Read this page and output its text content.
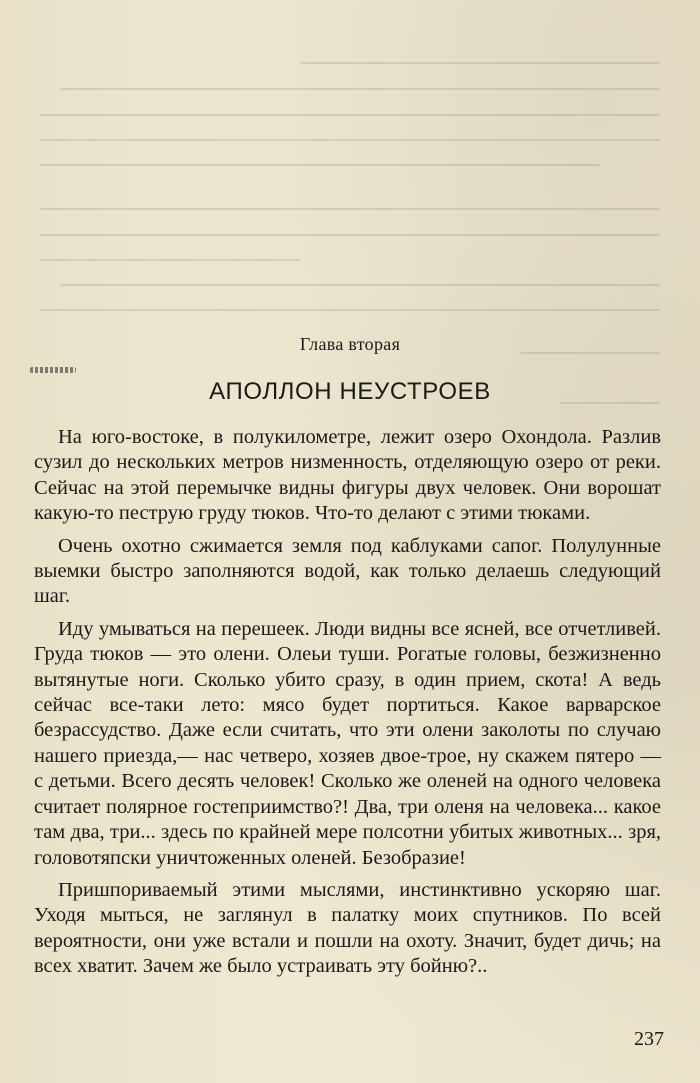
Глава вторая
АПОЛЛОН НЕУСТРОЕВ

На юго-востоке, в полукилометре, лежит озеро Охондола. Разлив сузил до нескольких метров низменность, отделяющую озеро от реки. Сейчас на этой перемычке видны фигуры двух человек. Они ворошат какую-то пеструю груду тюков. Что-то делают с этими тюками.

Очень охотно сжимается земля под каблуками сапог. Полулунные выемки быстро заполняются водой, как только делаешь следующий шаг.

Иду умываться на перешеек. Люди видны все ясней, все отчетливей. Груда тюков — это олени. Олеьи туши. Рогатые головы, безжизненно вытянутые ноги. Сколько убито сразу, в один прием, скота! А ведь сейчас все-таки лето: мясо будет портиться. Какое варварское безрассудство. Даже если считать, что эти олени заколоты по случаю нашего приезда,— нас четверо, хозяев двое-трое, ну скажем пятеро — с детьми. Всего десять человек! Сколько же оленей на одного человека считает полярное гостеприимство?! Два, три оленя на человека... какое там два, три... здесь по крайней мере полсотни убитых животных... зря, головотяпски уничтоженных оленей. Безобразие!

Пришпориваемый этими мыслями, инстинктивно ускоряю шаг. Уходя мыться, не заглянул в палатку моих спутников. По всей вероятности, они уже встали и пошли на охоту. Значит, будет дичь; на всех хватит. Зачем же было устраивать эту бойню?..

237
